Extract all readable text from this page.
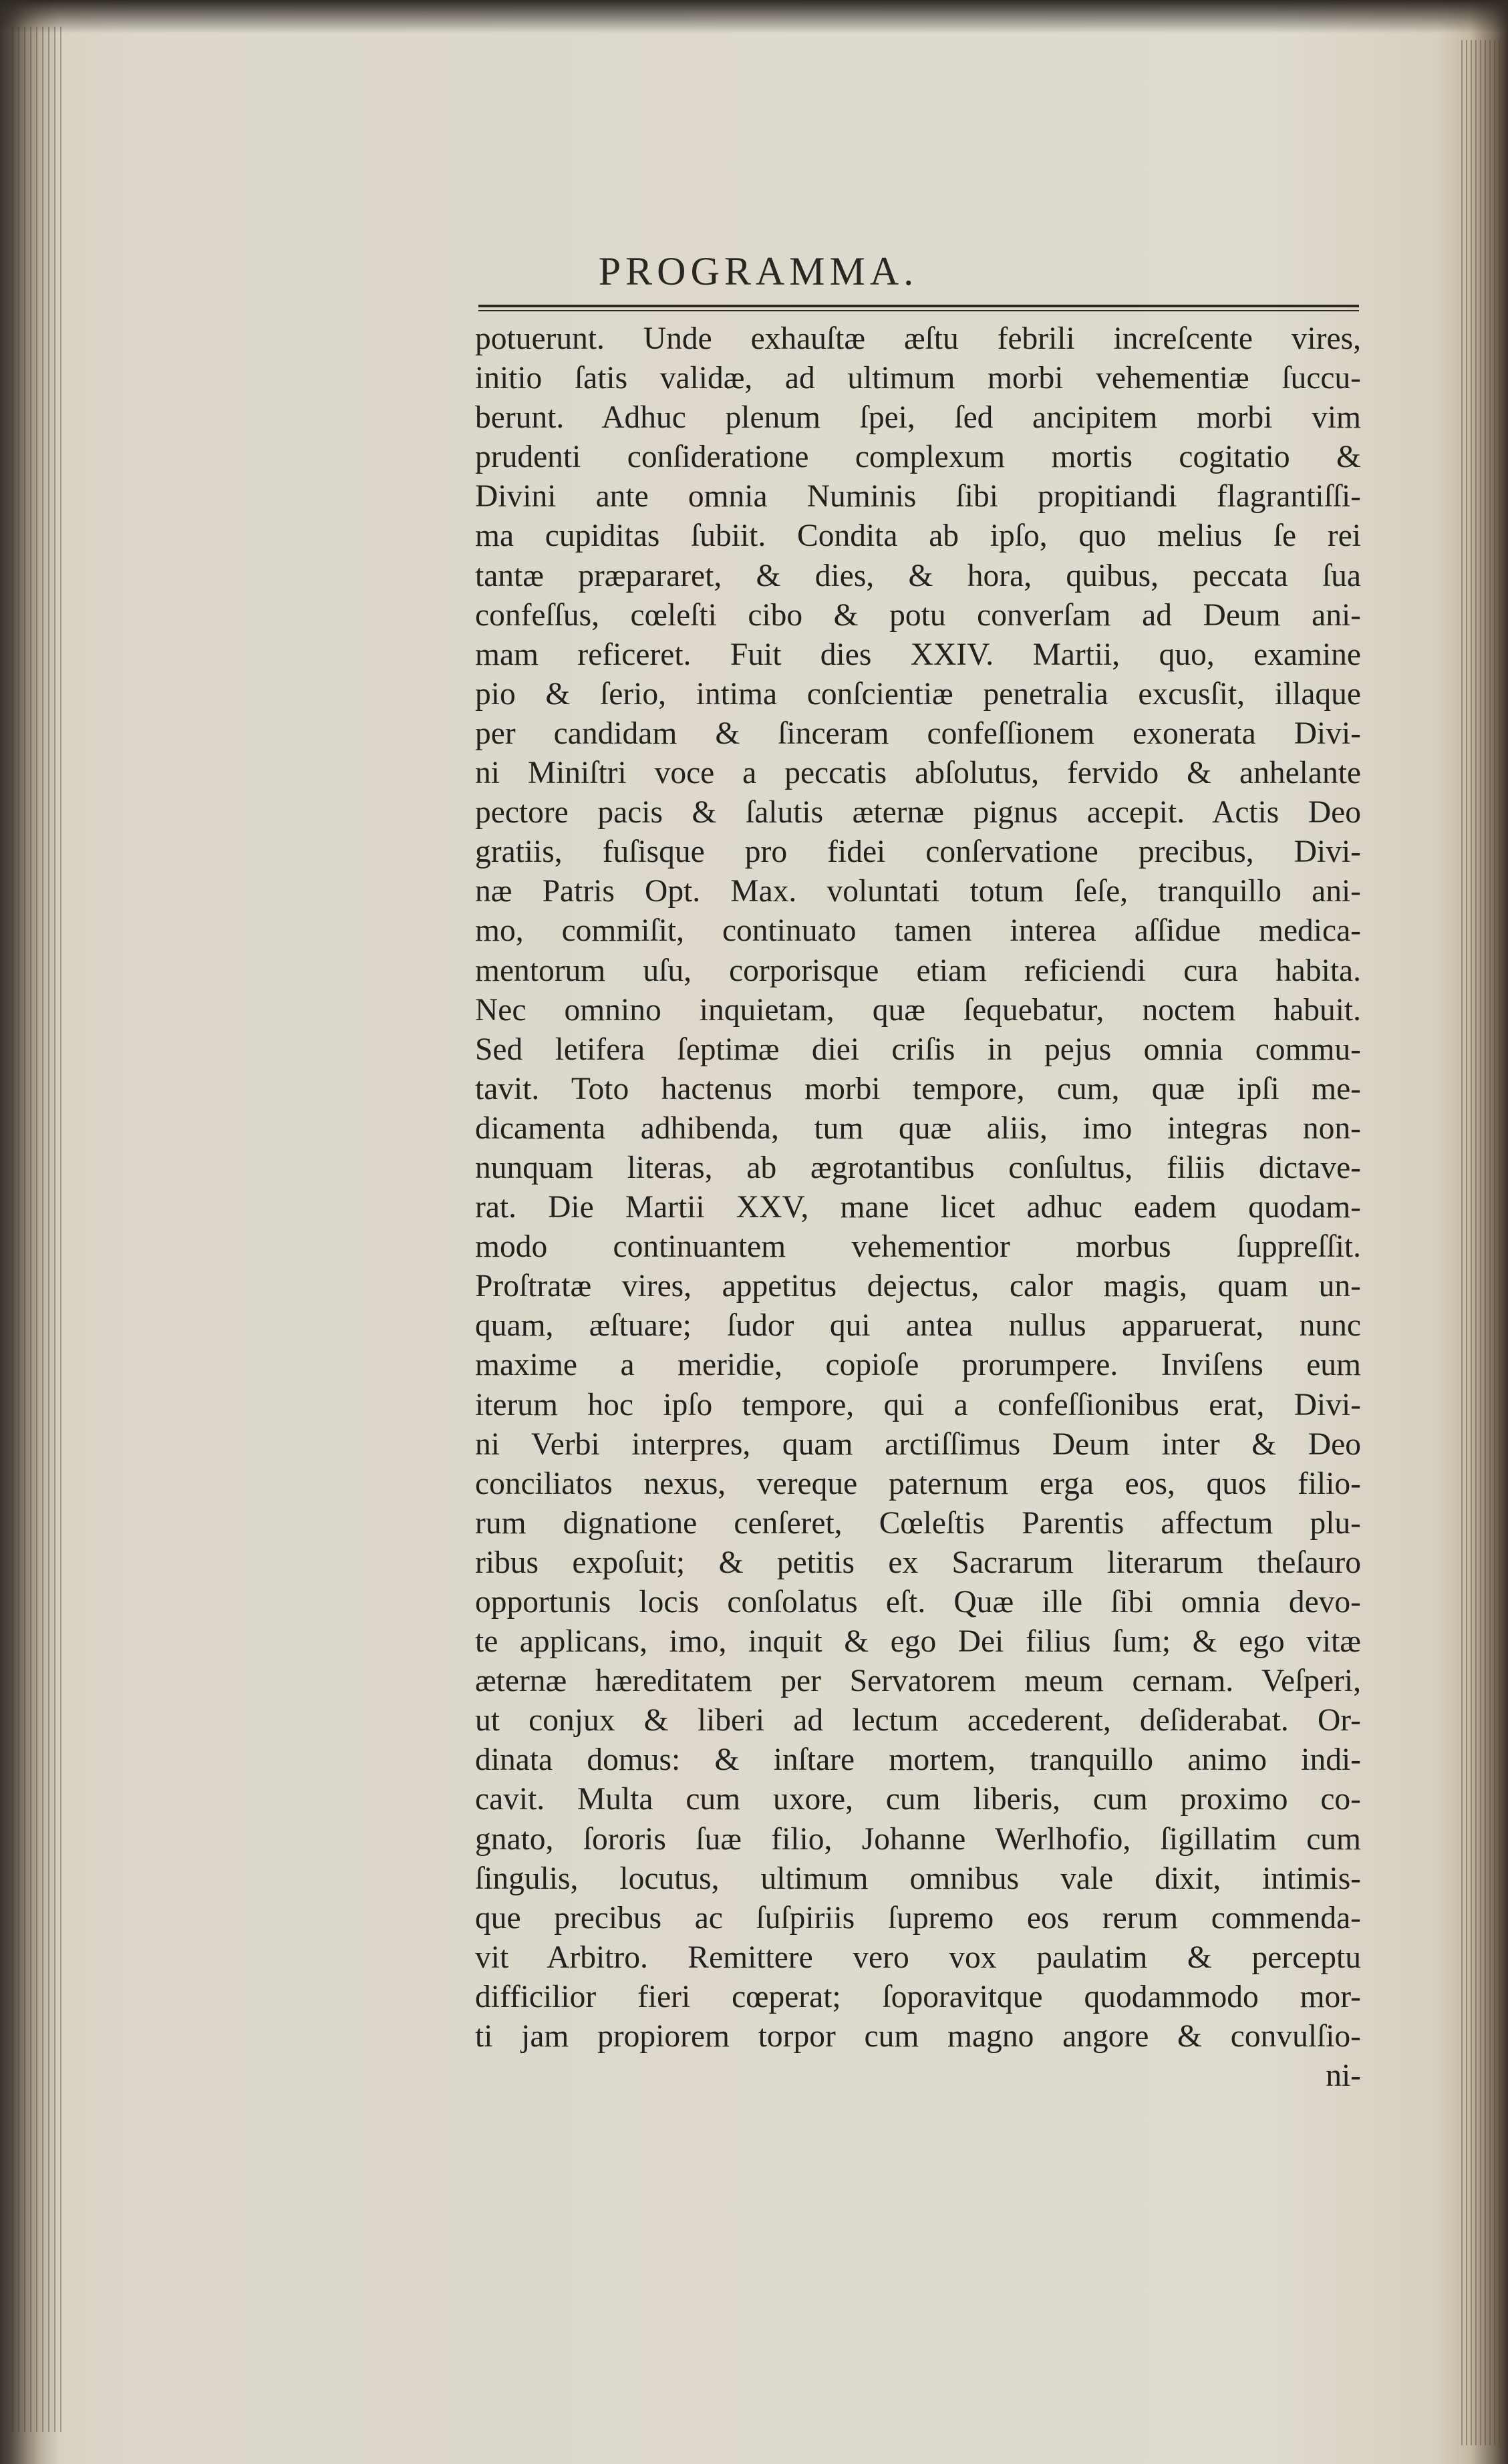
PROGRAMMA.
potuerunt. Unde exhauſtæ æſtu febrili increſcente vires,
initio ſatis validæ, ad ultimum morbi vehementiæ ſuccu-
berunt. Adhuc plenum ſpei, ſed ancipitem morbi vim
prudenti conſideratione complexum mortis cogitatio &
Divini ante omnia Numinis ſibi propitiandi flagrantiſſi-
ma cupiditas ſubiit. Condita ab ipſo, quo melius ſe rei
tantæ præpararet, & dies, & hora, quibus, peccata ſua
confeſſus, cœleſti cibo & potu converſam ad Deum ani-
mam reficeret. Fuit dies XXIV. Martii, quo, examine
pio & ſerio, intima conſcientiæ penetralia excusſit, illaque
per candidam & ſinceram confeſſionem exonerata Divi-
ni Miniſtri voce a peccatis abſolutus, fervido & anhelante
pectore pacis & ſalutis æternæ pignus accepit. Actis Deo
gratiis, fuſisque pro fidei conſervatione precibus, Divi-
næ Patris Opt. Max. voluntati totum ſeſe, tranquillo ani-
mo, commiſit, continuato tamen interea aſſidue medica-
mentorum uſu, corporisque etiam reficiendi cura habita.
Nec omnino inquietam, quæ ſequebatur, noctem habuit.
Sed letifera ſeptimæ diei criſis in pejus omnia commu-
tavit. Toto hactenus morbi tempore, cum, quæ ipſi me-
dicamenta adhibenda, tum quæ aliis, imo integras non-
nunquam literas, ab ægrotantibus conſultus, filiis dictave-
rat. Die Martii XXV, mane licet adhuc eadem quodam-
modo continuantem vehementior morbus ſuppreſſit.
Proſtratæ vires, appetitus dejectus, calor magis, quam un-
quam, æſtuare; ſudor qui antea nullus apparuerat, nunc
maxime a meridie, copioſe prorumpere. Inviſens eum
iterum hoc ipſo tempore, qui a confeſſionibus erat, Divi-
ni Verbi interpres, quam arctiſſimus Deum inter & Deo
conciliatos nexus, vereque paternum erga eos, quos filio-
rum dignatione cenſeret, Cœleſtis Parentis affectum plu-
ribus expoſuit; & petitis ex Sacrarum literarum theſauro
opportunis locis conſolatus eſt. Quæ ille ſibi omnia devo-
te applicans, imo, inquit & ego Dei filius ſum; & ego vitæ
æternæ hæreditatem per Servatorem meum cernam. Veſperi,
ut conjux & liberi ad lectum accederent, deſiderabat. Or-
dinata domus: & inſtare mortem, tranquillo animo indi-
cavit. Multa cum uxore, cum liberis, cum proximo co-
gnato, ſororis ſuæ filio, Johanne Werlhofio, ſigillatim cum
ſingulis, locutus, ultimum omnibus vale dixit, intimis-
que precibus ac ſuſpiriis ſupremo eos rerum commenda-
vit Arbitro. Remittere vero vox paulatim & perceptu
difficilior fieri cœperat; ſoporavitque quodammodo mor-
ti jam propiorem torpor cum magno angore & convulſio-
ni-
